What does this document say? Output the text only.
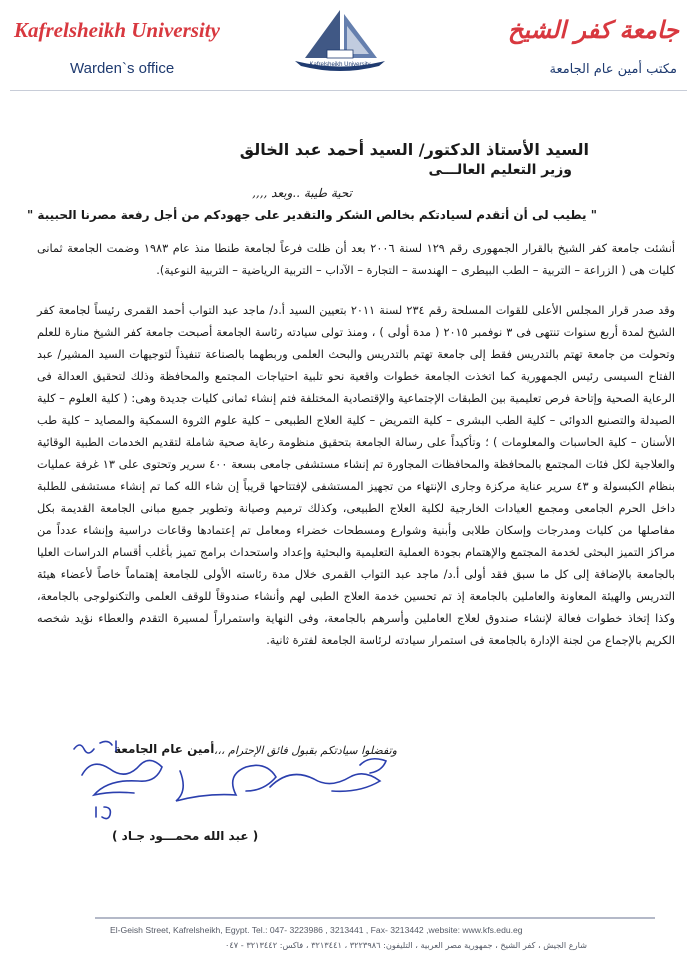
Kafrelsheikh University
Warden`s office	Kafrelsheikh University
جامعة كفر الشيخ
مكتب أمين عام الجامعة
السيد الأستاذ الدكتور/ السيد أحمد عبد الخالق
وزير التعليم العالـــى
تحية طيبة ..وبعد ,,,,
" يطيب لى أن أتقدم لسيادتكم بخالص الشكر والتقدير على جهودكم من أجل رفعة مصرنا الحبيبة "
أنشئت جامعة كفر الشيخ بالقرار الجمهورى رقم ١٢٩ لسنة ٢٠٠٦ بعد أن ظلت فرعاً لجامعة طنطا منذ عام ١٩٨٣ وضمت الجامعة ثمانى كليات هى ( الزراعة – التربية – الطب البيطرى – الهندسة – التجارة – الآداب – التربية الرياضية – التربية النوعية).
وقد صدر قرار المجلس الأعلى للقوات المسلحة رقم ٢٣٤ لسنة ٢٠١١ بتعيين السيد أ.د/ ماجد عبد التواب أحمد القمرى رئيساً لجامعة كفر الشيخ لمدة أربع سنوات تنتهى فى ٣ نوفمبر ٢٠١٥ ( مدة أولى ) ، ومنذ تولى سيادته رئاسة الجامعة أصبحت جامعة كفر الشيخ منارة للعلم وتحولت من جامعة تهتم بالتدريس فقط إلى جامعة تهتم بالتدريس والبحث العلمى وربطهما بالصناعة تنفيذاً لتوجيهات السيد المشير/ عبد الفتاح السيسى رئيس الجمهورية كما اتخذت الجامعة خطوات واقعية نحو تلبية احتياجات المجتمع والمحافظة وذلك لتحقيق العدالة فى الرعاية الصحية وإتاحة فرص تعليمية بين الطبقات الإجتماعية والإقتصادية المختلفة فتم إنشاء ثمانى كليات جديدة وهى: ( كلية العلوم – كلية الصيدلة والتصنيع الدوائى – كلية الطب البشرى – كلية التمريض – كلية العلاج الطبيعى – كلية علوم الثروة السمكية والمصايد – كلية طب الأسنان – كلية الحاسبات والمعلومات ) ؛ وتأكيداً على رسالة الجامعة بتحقيق منظومة رعاية صحية شاملة لتقديم الخدمات الطبية الوقائية والعلاجية لكل فئات المجتمع بالمحافظة والمحافظات المجاورة تم إنشاء مستشفى جامعى بسعة ٤٠٠ سرير وتحتوى على ١٣ غرفة عمليات بنظام الكبسولة و ٤٣ سرير عناية مركزة وجارى الإنتهاء من تجهيز المستشفى لإفتتاحها قريباً إن شاء الله كما تم إنشاء مستشفى للطلبة داخل الحرم الجامعى ومجمع العيادات الخارجية لكلية العلاج الطبيعى، وكذلك ترميم وصيانة وتطوير جميع مبانى الجامعة القديمة بكل مفاصلها من كليات ومدرجات وإسكان طلابى وأبنية وشوارع ومسطحات خضراء ومعامل تم إعتمادها وقاعات دراسية وإنشاء عدداً من مراكز التميز البحثى لخدمة المجتمع والإهتمام بجودة العملية التعليمية والبحثية وإعداد واستحداث برامج تميز بأغلب أقسام الدراسات العليا بالجامعة بالإضافة إلى كل ما سبق فقد أولى أ.د/ ماجد عبد التواب القمرى خلال مدة رئاسته الأولى للجامعة إهتماماً خاصاً لأعضاء هيئة التدريس والهيئة المعاونة والعاملين بالجامعة إذ تم تحسين خدمة العلاج الطبى لهم وأنشاء صندوقاً للوقف العلمى والتكنولوجى بالجامعة، وكذا إتخاذ خطوات فعالة لإنشاء صندوق لعلاج العاملين وأسرهم بالجامعة، وفى النهاية واستمراراً لمسيرة التقدم والعطاء نؤيد شخصه الكريم بالإجماع من لجنة الإدارة بالجامعة فى استمرار سيادته لرئاسة الجامعة لفترة ثانية.
وتفضلوا سيادتكم بقبول فائق الإحترام ،،،
أمين عام الجامعة
( عبد الله محمـــود جـاد )
El-Geish Street, Kafrelsheikh, Egypt. Tel.: 047- 3223986 , 3213441 , Fax- 3213442 ,website: www.kfs.edu.eg
شارع الجيش ، كفر الشيخ ، جمهورية مصر العربية ، التليفون: ٣٢٢٣٩٨٦ ، ٣٢١٣٤٤١ ، فاكس: ٣٢١٣٤٤٢ - ٠٤٧
